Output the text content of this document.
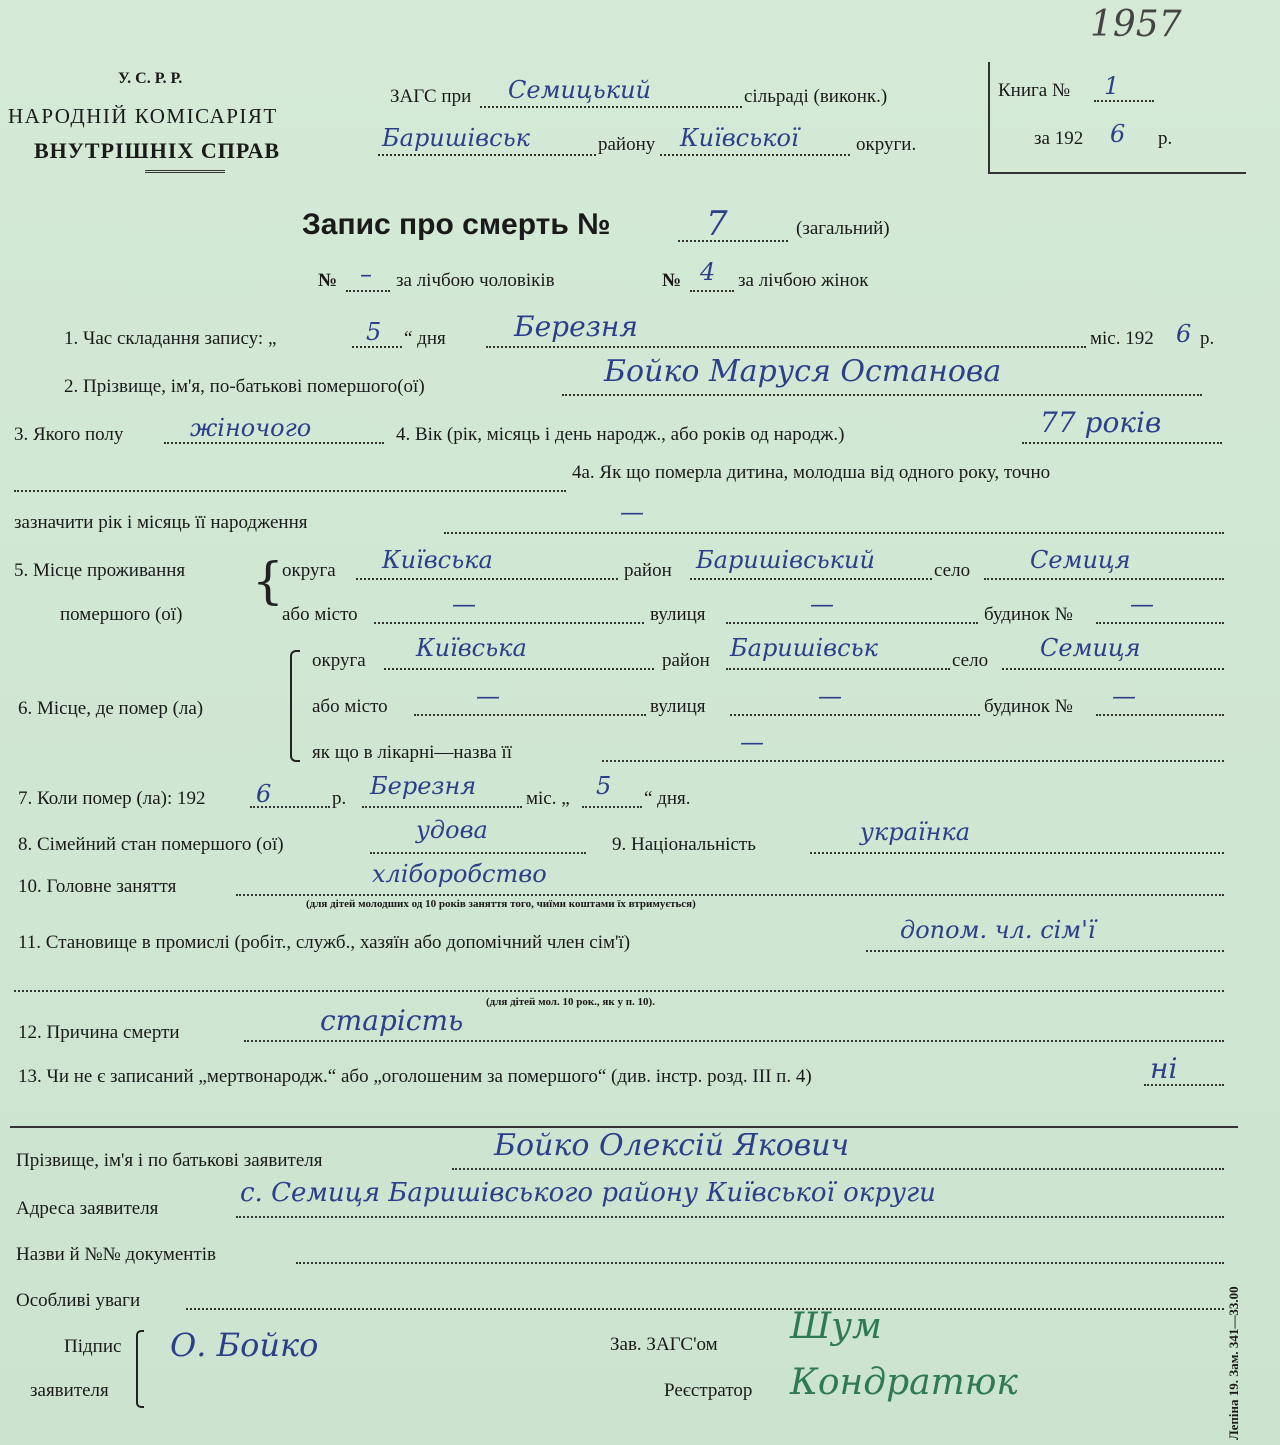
1957
У. С. Р. Р.
НАРОДНІЙ КОМІСАРІЯТ
ВНУТРІШНІХ СПРАВ
ЗАГС при Семицький	сільраді (виконк.)
Баришівськ	району Київської	округи.
Книга № 1
за 192 6 р.
Запис про смерть №	7	(загальний)
№ – за лічбою чоловіків	№ 4 за лічбою жінок
1. Час складання запису: „	5 “ дня Березня	міс. 192 6 р.
2. Прізвище, ім'я, по-батькові помершого(ої)	Бойко Маруся Останова
3. Якого полу	жіночого	4. Вік (рік, місяць і день народж., або років од народж.)	77 років
4а. Як що померла дитина, молодша від одного року, точно
зазначити рік і місяць її народження	—
5. Місце проживання
помершого (ої)
{
округа Київська	район Баришівський	село Семиця
або місто	—	вулиця	—	будинок № —
6. Місце, де помер (ла)
округа Київська	район Баришівськ	село Семиця
або місто	—	вулиця	—	будинок № —
як що в лікарні—назва її	—
7. Коли помер (ла): 192 6	р. Березня	міс. „ 5 “ дня.
8. Сімейний стан помершого (ої)
удова
9. Національність	українка
10. Головне заняття	хліборобство
(для дітей молодших од 10 років заняття того, чиїми коштами їх втримується)
11. Становище в промислі (робіт., служб., хазяїн або допомічний член сім'ї)	допом. чл. сім'ї
(для дітей мол. 10 рок., як у п. 10).
12. Причина смерти	старість
13. Чи не є записаний „мертвонародж.“ або „оголошеним за помершого“ (див. інстр. розд. III п. 4)	ні
Прізвище, ім'я і по батькові заявителя	Бойко Олексій Якович
Адреса заявителя
с. Семиця Баришівського району Київської округи
Назви й №№ документів
Особливі уваги
Підпис
заявителя
О. Бойко	Зав. ЗАГС'ом Шум
Реєстратор Кондратюк	Лепіна 19. Зам. 341—33.00
